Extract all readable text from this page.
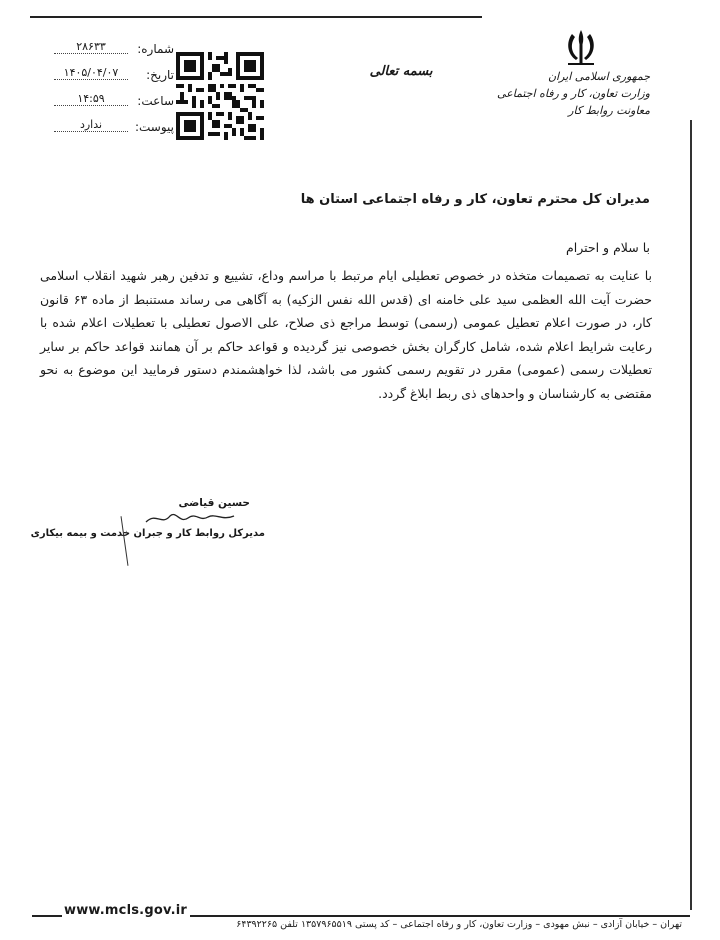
جمهوری اسلامی ایران
وزارت تعاون، کار و رفاه اجتماعی
معاونت روابط کار
بسمه تعالی
شماره:
۲۸۶۳۳
تاریخ:
۱۴۰۵/۰۴/۰۷
ساعت:
۱۴:۵۹
پیوست:
ندارد
مدیران کل محترم تعاون، کار و رفاه اجتماعی استان ها
با سلام و احترام

با عنایت به تصمیمات متخذه در خصوص تعطیلی ایام مرتبط با مراسم وداع، تشییع و تدفین رهبر شهید انقلاب اسلامی حضرت آیت الله العظمی سید علی خامنه ای (قدس الله نفس الزکیه) به آگاهی می رساند مستنبط از ماده ۶۳ قانون کار، در صورت اعلام تعطیل عمومی (رسمی) توسط مراجع ذی صلاح، علی الاصول تعطیلی با تعطیلات اعلام شده با رعایت شرایط اعلام شده، شامل کارگران بخش خصوصی نیز گردیده و قواعد حاکم بر آن همانند قواعد حاکم بر سایر تعطیلات رسمی (عمومی) مقرر در تقویم رسمی کشور می باشد، لذا خواهشمندم دستور فرمایید این موضوع به نحو مقتضی به کارشناسان و واحدهای ذی ربط ابلاغ گردد.

حسین قیاضی
مدیرکل روابط کار و جبران خدمت و بیمه بیکاری
www.mcls.gov.ir
تهران – خیابان آزادی – نبش مهودی – وزارت تعاون، کار و رفاه اجتماعی – کد پستی ۱۳۵۷۹۶۵۵۱۹ تلفن ۶۴۳۹۲۲۶۵
